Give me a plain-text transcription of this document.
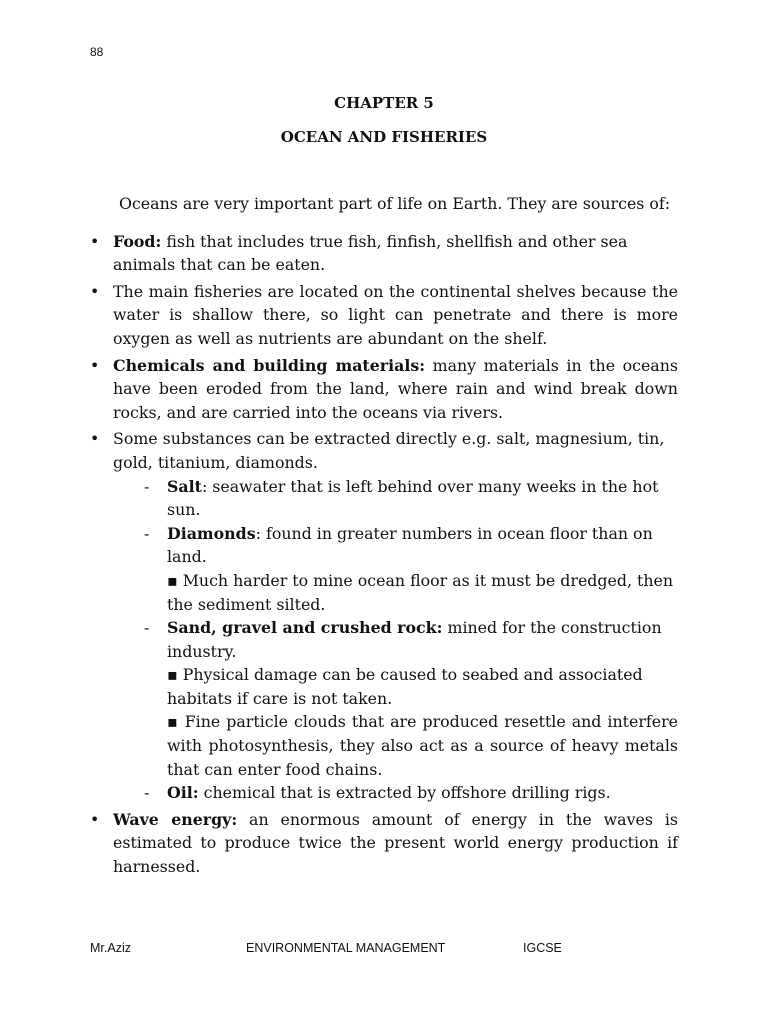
88
CHAPTER 5
OCEAN AND FISHERIES

Oceans are very important part of life on Earth. They are sources of:

• Food: fish that includes true fish, finfish, shellfish and other sea animals that can be eaten.
• The main fisheries are located on the continental shelves because the water is shallow there, so light can penetrate and there is more oxygen as well as nutrients are abundant on the shelf.
• Chemicals and building materials: many materials in the oceans have been eroded from the land, where rain and wind break down rocks, and are carried into the oceans via rivers.
• Some substances can be extracted directly e.g. salt, magnesium, tin, gold, titanium, diamonds.
- Salt: seawater that is left behind over many weeks in the hot sun.
- Diamonds: found in greater numbers in ocean floor than on land.

▪ Much harder to mine ocean floor as it must be dredged, then the sediment silted.

- Sand, gravel and crushed rock: mined for the construction industry.

▪ Physical damage can be caused to seabed and associated habitats if care is not taken.

▪ Fine particle clouds that are produced resettle and interfere with photosynthesis, they also act as a source of heavy metals that can enter food chains.

- Oil: chemical that is extracted by offshore drilling rigs.
• Wave energy: an enormous amount of energy in the waves is estimated to produce twice the present world energy production if harnessed.
Mr.Aziz	ENVIRONMENTAL MANAGEMENT	IGCSE
